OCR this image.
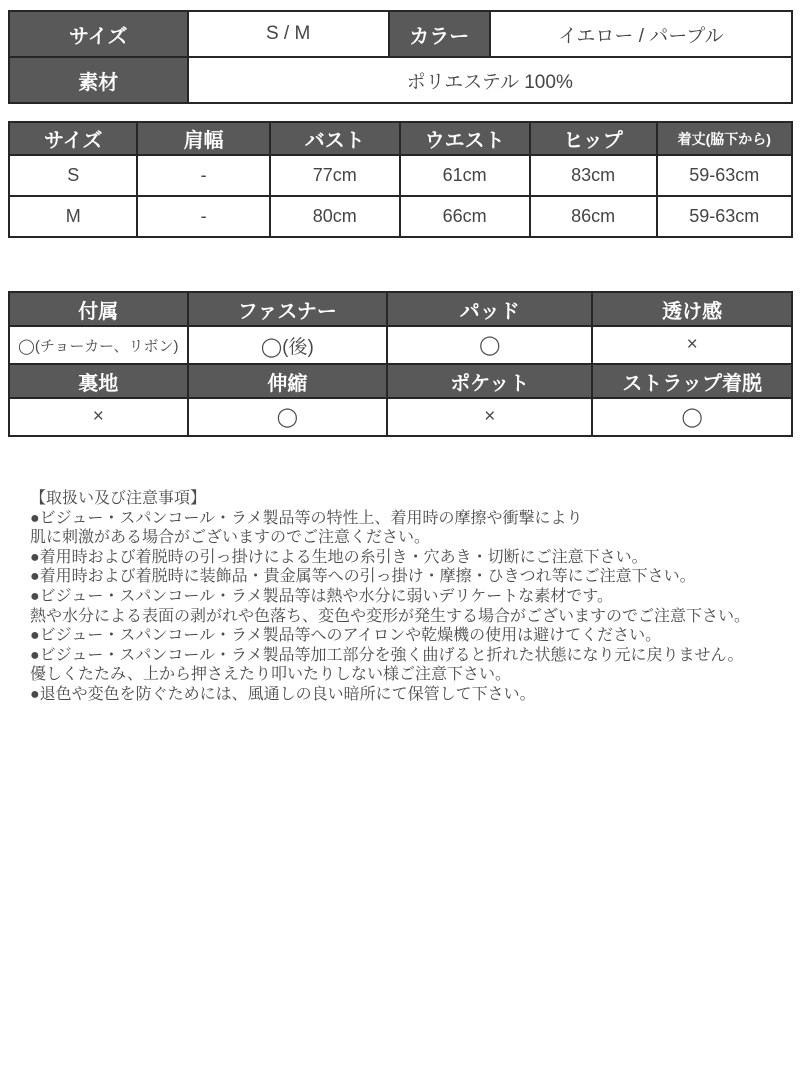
サイズ	S / M	カラー	イエロー / パープル
素材	ポリエステル 100%		
サイズ	肩幅	バスト	ウエスト	ヒップ	着丈(脇下から)
S	-	77cm	61cm	83cm	59-63cm
M	-	80cm	66cm	86cm	59-63cm
付属	ファスナー	パッド	透け感
◯(チョーカー、リボン)	◯(後)	◯	×
裏地	伸縮	ポケット	ストラップ着脱
×	◯	×	◯
【取扱い及び注意事項】
●ビジュー・スパンコール・ラメ製品等の特性上、着用時の摩擦や衝撃により
肌に刺激がある場合がございますのでご注意ください。
●着用時および着脱時の引っ掛けによる生地の糸引き・穴あき・切断にご注意下さい。
●着用時および着脱時に装飾品・貴金属等への引っ掛け・摩擦・ひきつれ等にご注意下さい。
●ビジュー・スパンコール・ラメ製品等は熱や水分に弱いデリケートな素材です。
熱や水分による表面の剥がれや色落ち、変色や変形が発生する場合がございますのでご注意下さい。
●ビジュー・スパンコール・ラメ製品等へのアイロンや乾燥機の使用は避けてください。
●ビジュー・スパンコール・ラメ製品等加工部分を強く曲げると折れた状態になり元に戻りません。
優しくたたみ、上から押さえたり叩いたりしない様ご注意下さい。
●退色や変色を防ぐためには、風通しの良い暗所にて保管して下さい。
